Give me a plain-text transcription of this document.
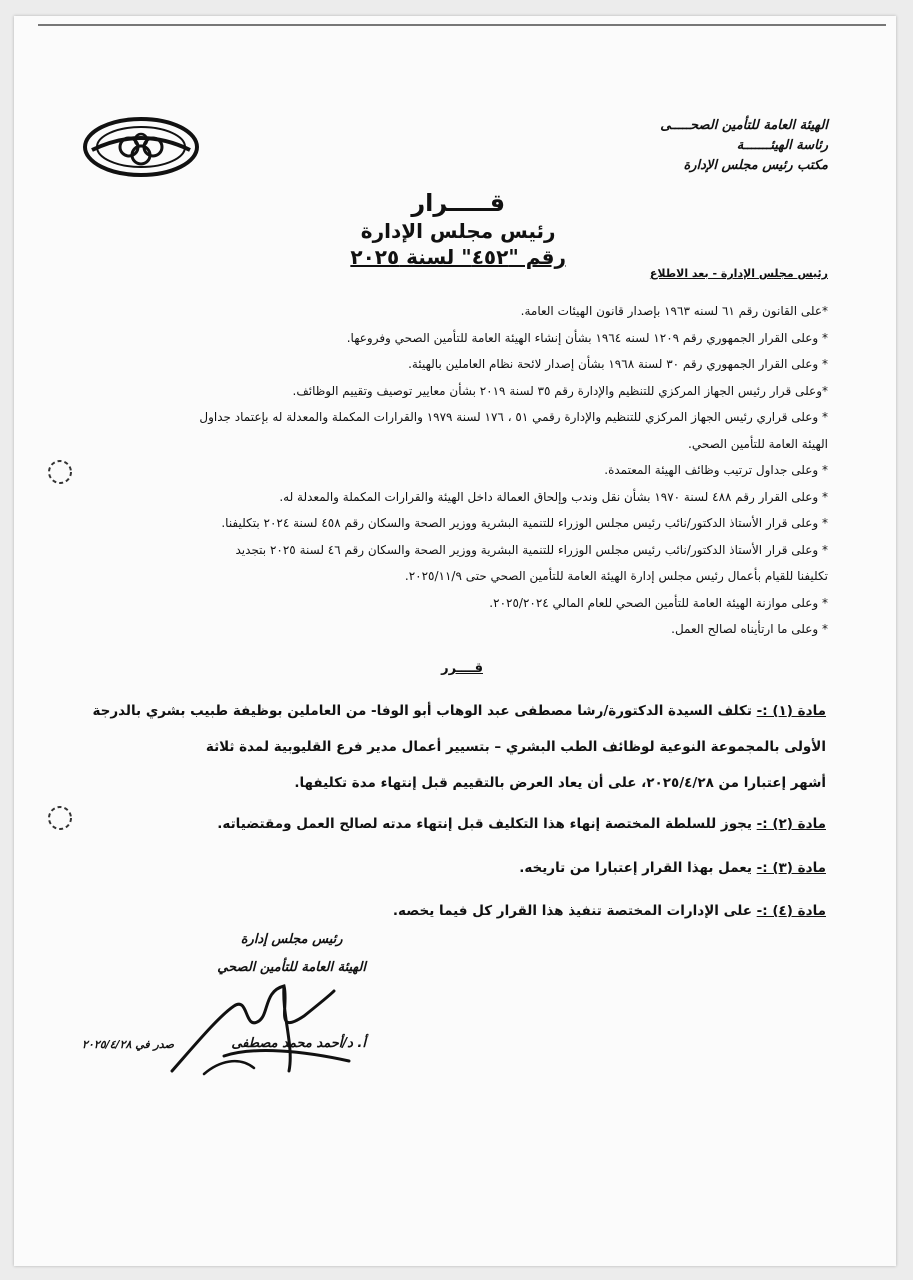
الهيئة العامة للتأمين الصحـــــى
رئاسة الهيئـــــــة
مكتب رئيس مجلس الإدارة
قـــــرار
رئيس مجلس الإدارة
رقم "٤٥٢" لسنة ٢٠٢٥
رئيس مجلس الإدارة - بعد الاطلاع

*على القانون رقم ٦١ لسنه ١٩٦٣ بإصدار قانون الهيئات العامة.

* وعلى القرار الجمهوري رقم ١٢٠٩ لسنه ١٩٦٤ بشأن إنشاء الهيئة العامة للتأمين الصحي وفروعها.

* وعلى القرار الجمهوري رقم ٣٠ لسنة ١٩٦٨ بشأن إصدار لائحة نظام العاملين بالهيئة.

*وعلى قرار رئيس الجهاز المركزي للتنظيم والإدارة رقم ٣٥ لسنة ٢٠١٩ بشأن معايير توصيف وتقييم الوظائف.

* وعلى قراري رئيس الجهاز المركزي للتنظيم والإدارة رقمي ٥١ ، ١٧٦ لسنة ١٩٧٩ والقرارات المكملة والمعدلة له بإعتماد جداول

الهيئة العامة للتأمين الصحي.

* وعلى جداول ترتيب وظائف الهيئة المعتمدة.

* وعلى القرار رقم ٤٨٨ لسنة ١٩٧٠ بشأن نقل وندب وإلحاق العمالة داخل الهيئة والقرارات المكملة والمعدلة له.

* وعلى قرار الأستاذ الدكتور/نائب رئيس مجلس الوزراء للتنمية البشرية ووزير الصحة والسكان رقم ٤٥٨ لسنة ٢٠٢٤ بتكليفنا.

* وعلى قرار الأستاذ الدكتور/نائب رئيس مجلس الوزراء للتنمية البشرية ووزير الصحة والسكان رقم ٤٦ لسنة ٢٠٢٥ بتجديد

تكليفنا للقيام بأعمال رئيس مجلس إدارة الهيئة العامة للتأمين الصحي حتى ٢٠٢٥/١١/٩.

* وعلى موازنة الهيئة العامة للتأمين الصحي للعام المالي ٢٠٢٥/٢٠٢٤.

* وعلى ما ارتأيناه لصالح العمل.

قــــرر
مادة (١) :- تكلف السيدة الدكتورة/رشا مصطفى عبد الوهاب أبو الوفا- من العاملين بوظيفة طبيب بشري بالدرجة
الأولى بالمجموعة النوعية لوظائف الطب البشري – بتسيير أعمال مدير فرع القليوبية لمدة ثلاثة
أشهر إعتبارا من ٢٠٢٥/٤/٢٨، على أن يعاد العرض بالتقييم قبل إنتهاء مدة تكليفها.
مادة (٢) :- يجوز للسلطة المختصة إنهاء هذا التكليف قبل إنتهاء مدته لصالح العمل ومقتضياته.
مادة (٣) :- يعمل بهذا القرار إعتبارا من تاريخه.
مادة (٤) :- على الإدارات المختصة تنفيذ هذا القرار كل فيما يخصه.
رئيس مجلس إدارة
الهيئة العامة للتأمين الصحي
أ. د/أحمد محمد مصطفى
صدر في ٢٠٢٥/٤/٢٨
